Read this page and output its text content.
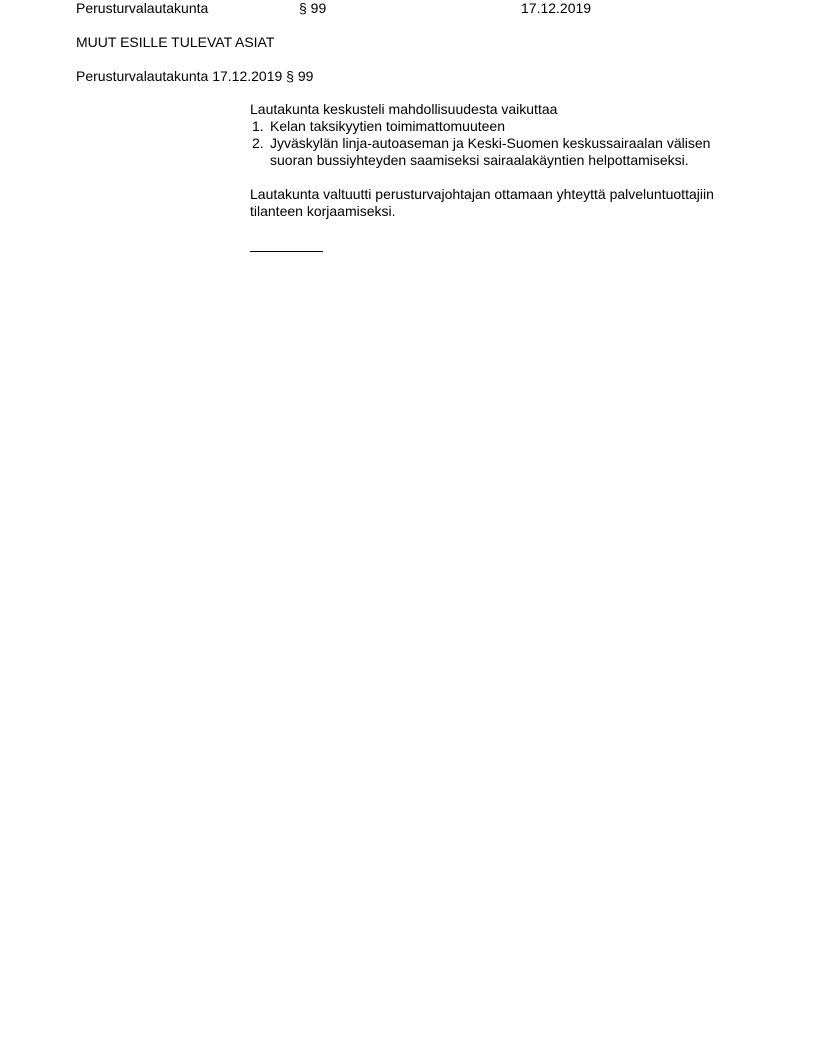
Perusturvalautakunta	§ 99	17.12.2019
MUUT ESILLE TULEVAT ASIAT
Perusturvalautakunta 17.12.2019 § 99
Lautakunta keskusteli mahdollisuudesta vaikuttaa
1. Kelan taksikyytien toimimattomuuteen
2. Jyväskylän linja-autoaseman ja Keski-Suomen keskussairaalan välisen
suoran bussiyhteyden saamiseksi sairaalakäyntien helpottamiseksi.
Lautakunta valtuutti perusturvajohtajan ottamaan yhteyttä palveluntuottajiin
tilanteen korjaamiseksi.
